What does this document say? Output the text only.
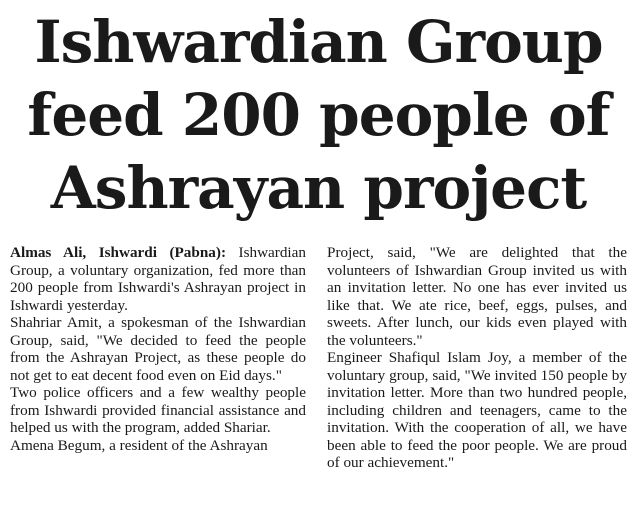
Ishwardian Group
feed 200 people of
Ashrayan project

Almas Ali, Ishwardi (Pabna): Ishwardian Group, a voluntary organization, fed more than 200 people from Ishwardi's Ashrayan project in Ishwardi yesterday.

Shahriar Amit, a spokesman of the Ishwardian Group, said, "We decided to feed the people from the Ashrayan Project, as these people do not get to eat decent food even on Eid days."

Two police officers and a few wealthy people from Ishwardi provided financial assistance and helped us with the program, added Shariar.

Amena Begum, a resident of the Ashrayan

Project, said, "We are delighted that the volunteers of Ishwardian Group invited us with an invitation letter. No one has ever invited us like that. We ate rice, beef, eggs, pulses, and sweets. After lunch, our kids even played with the volunteers."

Engineer Shafiqul Islam Joy, a member of the voluntary group, said, "We invited 150 people by invitation letter. More than two hundred people, including children and teenagers, came to the invitation. With the cooperation of all, we have been able to feed the poor people. We are proud of our achievement."
